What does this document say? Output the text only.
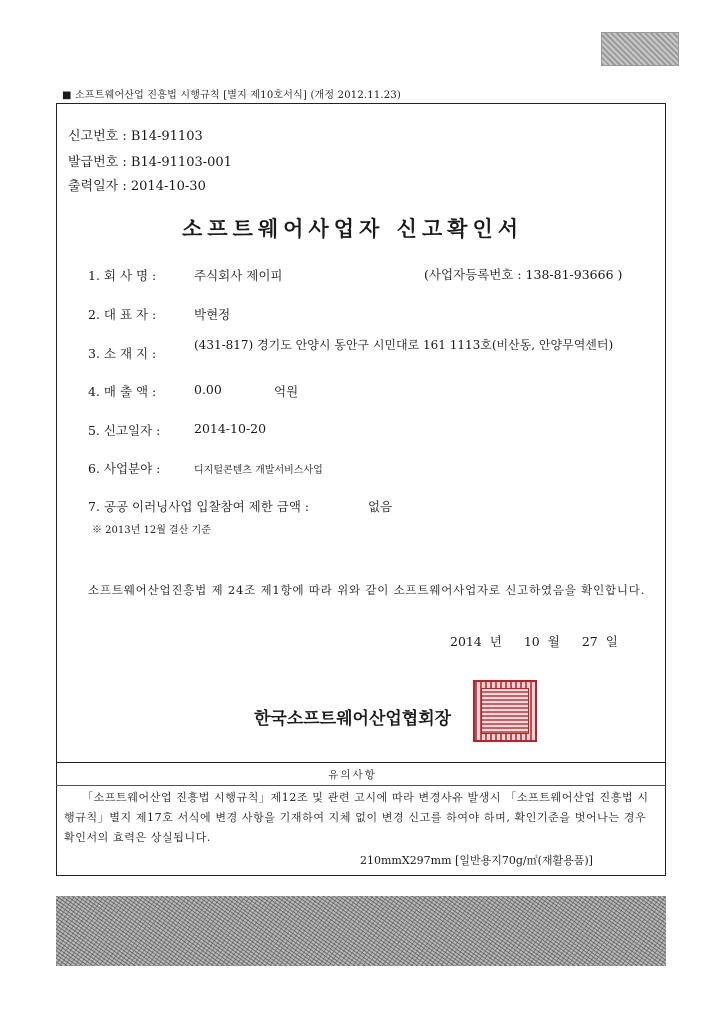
■ 소프트웨어산업 진흥법 시행규칙 [별지 제10호서식] (개정 2012.11.23)
신고번호 : B14-91103
발급번호 : B14-91103-001
출력일자 : 2014-10-30
소프트웨어사업자 신고확인서
1. 회 사 명 :	주식회사 제이피	(사업자등록번호 : 138-81-93666 )
2. 대 표 자 :	박현정
3. 소 재 지 :
(431-817) 경기도 안양시 동안구 시민대로 161 1113호(비산동, 안양무역센터)
4. 매 출 액 :	0.00	억원
5. 신고일자 :	2014-10-20
6. 사업분야 :	디지털콘텐츠 개발서비스사업
7. 공공 이러닝사업 입찰참여 제한 금액 :	없음
※ 2013년 12월 결산 기준
소프트웨어산업진흥법 제 24조 제1항에 따라 위와 같이 소프트웨어사업자로 신고하였음을 확인합니다.
2014 년 10 월 27 일
한국소프트웨어산업협회장
유의사항
「소프트웨어산업 진흥법 시행규칙」제12조 및 관련 고시에 따라 변경사유 발생시 「소프트웨어산업 진흥법 시행규칙」별지 제17호 서식에 변경 사항을 기재하여 지체 없이 변경 신고를 하여야 하며, 확인기준을 벗어나는 경우 확인서의 효력은 상실됩니다.
210mmX297mm [일반용지70g/㎡(재활용품)]
